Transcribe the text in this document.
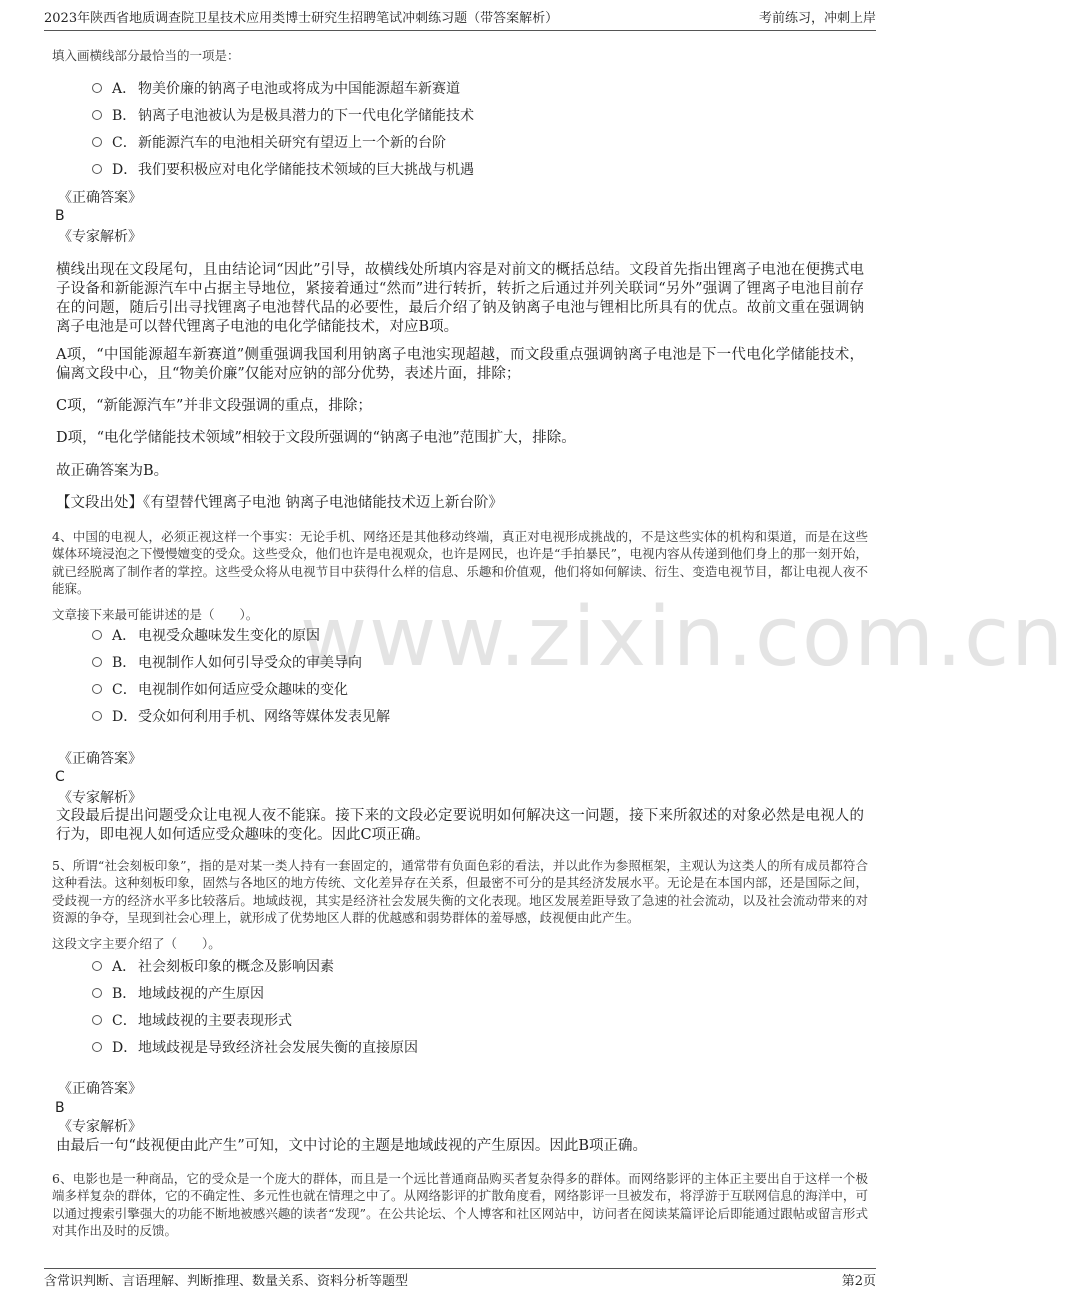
2023年陕西省地质调查院卫星技术应用类博士研究生招聘笔试冲刺练习题（带答案解析）	考前练习，冲刺上岸
www.zixin.com.cn
填入画横线部分最恰当的一项是：
A． 物美价廉的钠离子电池或将成为中国能源超车新赛道
B． 钠离子电池被认为是极具潜力的下一代电化学储能技术
C．新能源汽车的电池相关研究有望迈上一个新的台阶
D．我们要积极应对电化学储能技术领域的巨大挑战与机遇
《正确答案》
B
《专家解析》
横线出现在文段尾句，且由结论词“因此”引导，故横线处所填内容是对前文的概括总结。文段首先指出锂离子电池在便携式电子设备和新能源汽车中占据主导地位，紧接着通过“然而”进行转折，转折之后通过并列关联词“另外”强调了锂离子电池目前存在的问题，随后引出寻找锂离子电池替代品的必要性，最后介绍了钠及钠离子电池与锂相比所具有的优点。故前文重在强调钠离子电池是可以替代锂离子电池的电化学储能技术，对应B项。
A项，“中国能源超车新赛道”侧重强调我国利用钠离子电池实现超越，而文段重点强调钠离子电池是下一代电化学储能技术，偏离文段中心，且“物美价廉”仅能对应钠的部分优势，表述片面，排除；
C项，“新能源汽车”并非文段强调的重点，排除；
D项，“电化学储能技术领域”相较于文段所强调的“钠离子电池”范围扩大，排除。
故正确答案为B。
【文段出处】《有望替代锂离子电池 钠离子电池储能技术迈上新台阶》
4、中国的电视人，必须正视这样一个事实：无论手机、网络还是其他移动终端，真正对电视形成挑战的，不是这些实体的机构和渠道，而是在这些媒体环境浸泡之下慢慢嬗变的受众。这些受众，他们也许是电视观众，也许是网民，也许是“手拍暴民”，电视内容从传递到他们身上的那一刻开始，就已经脱离了制作者的掌控。这些受众将从电视节目中获得什么样的信息、乐趣和价值观，他们将如何解读、衍生、变造电视节目，都让电视人夜不能寐。
文章接下来最可能讲述的是（　　）。
A． 电视受众趣味发生变化的原因
B． 电视制作人如何引导受众的审美导向
C．电视制作如何适应受众趣味的变化
D．受众如何利用手机、网络等媒体发表见解
《正确答案》
C
《专家解析》
文段最后提出问题受众让电视人夜不能寐。接下来的文段必定要说明如何解决这一问题，接下来所叙述的对象必然是电视人的行为，即电视人如何适应受众趣味的变化。因此C项正确。
5、所谓“社会刻板印象”，指的是对某一类人持有一套固定的，通常带有负面色彩的看法，并以此作为参照框架，主观认为这类人的所有成员都符合这种看法。这种刻板印象，固然与各地区的地方传统、文化差异存在关系，但最密不可分的是其经济发展水平。无论是在本国内部，还是国际之间，受歧视一方的经济水平多比较落后。地域歧视，其实是经济社会发展失衡的文化表现。地区发展差距导致了急速的社会流动，以及社会流动带来的对资源的争夺，呈现到社会心理上，就形成了优势地区人群的优越感和弱势群体的羞辱感，歧视便由此产生。
这段文字主要介绍了（　　）。
A． 社会刻板印象的概念及影响因素
B． 地域歧视的产生原因
C．地域歧视的主要表现形式
D．地域歧视是导致经济社会发展失衡的直接原因
《正确答案》
B
《专家解析》
由最后一句“歧视便由此产生”可知，文中讨论的主题是地域歧视的产生原因。因此B项正确。
6、电影也是一种商品，它的受众是一个庞大的群体，而且是一个远比普通商品购买者复杂得多的群体。而网络影评的主体正主要出自于这样一个极端多样复杂的群体，它的不确定性、多元性也就在情理之中了。从网络影评的扩散角度看，网络影评一旦被发布，将浮游于互联网信息的海洋中，可以通过搜索引擎强大的功能不断地被感兴趣的读者“发现”。在公共论坛、个人博客和社区网站中，访问者在阅读某篇评论后即能通过跟帖或留言形式对其作出及时的反馈。
含常识判断、言语理解、判断推理、数量关系、资料分析等题型	第2页
